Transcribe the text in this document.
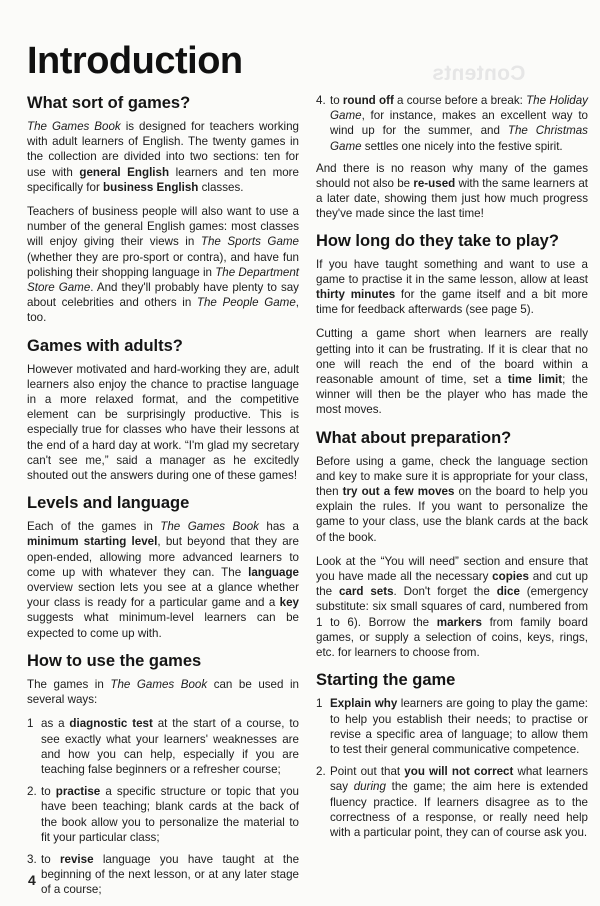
Contents
Introduction
What sort of games?

The Games Book is designed for teachers working with adult learners of English. The twenty games in the collection are divided into two sections: ten for use with general English learners and ten more specifically for business English classes.

Teachers of business people will also want to use a number of the general English games: most classes will enjoy giving their views in The Sports Game (whether they are pro-sport or contra), and have fun polishing their shopping language in The Department Store Game. And they'll probably have plenty to say about celebrities and others in The People Game, too.

Games with adults?

However motivated and hard-working they are, adult learners also enjoy the chance to practise language in a more relaxed format, and the competitive element can be surprisingly productive. This is especially true for classes who have their lessons at the end of a hard day at work. “I'm glad my secretary can't see me,” said a manager as he excitedly shouted out the answers during one of these games!

Levels and language

Each of the games in The Games Book has a minimum starting level, but beyond that they are open-ended, allowing more advanced learners to come up with whatever they can. The language overview section lets you see at a glance whether your class is ready for a particular game and a key suggests what minimum-level learners can be expected to come up with.

How to use the games

The games in The Games Book can be used in several ways:

1 as a diagnostic test at the start of a course, to see exactly what your learners' weaknesses are and how you can help, especially if you are teaching false beginners or a refresher course;
2. to practise a specific structure or topic that you have been teaching; blank cards at the back of the book allow you to personalize the material to fit your particular class;
3. to revise language you have taught at the beginning of the next lesson, or at any later stage of a course;
4. to round off a course before a break: The Holiday Game, for instance, makes an excellent way to wind up for the summer, and The Christmas Game settles one nicely into the festive spirit.

And there is no reason why many of the games should not also be re-used with the same learners at a later date, showing them just how much progress they've made since the last time!

How long do they take to play?

If you have taught something and want to use a game to practise it in the same lesson, allow at least thirty minutes for the game itself and a bit more time for feedback afterwards (see page 5).

Cutting a game short when learners are really getting into it can be frustrating. If it is clear that no one will reach the end of the board within a reasonable amount of time, set a time limit; the winner will then be the player who has made the most moves.

What about preparation?

Before using a game, check the language section and key to make sure it is appropriate for your class, then try out a few moves on the board to help you explain the rules. If you want to personalize the game to your class, use the blank cards at the back of the book.

Look at the “You will need” section and ensure that you have made all the necessary copies and cut up the card sets. Don't forget the dice (emergency substitute: six small squares of card, numbered from 1 to 6). Borrow the markers from family board games, or supply a selection of coins, keys, rings, etc. for learners to choose from.

Starting the game
1 Explain why learners are going to play the game: to help you establish their needs; to practise or revise a specific area of language; to allow them to test their general communicative competence.
2. Point out that you will not correct what learners say during the game; the aim here is extended fluency practice. If learners disagree as to the correctness of a response, or really need help with a particular point, they can of course ask you.
4
